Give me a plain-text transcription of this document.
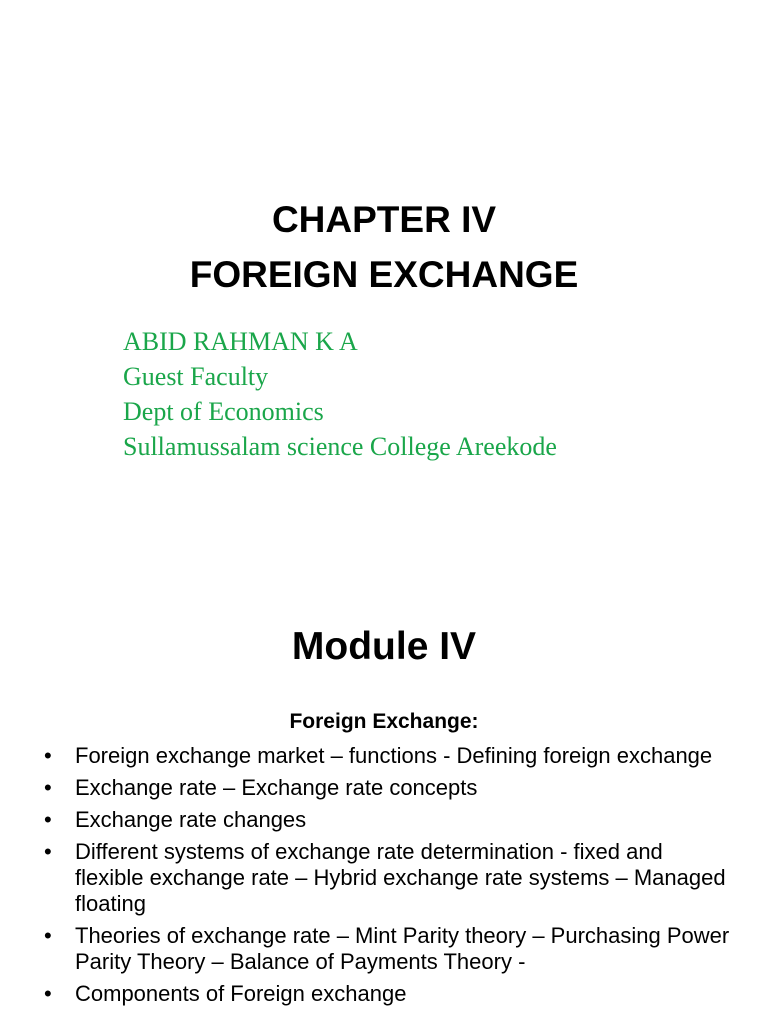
CHAPTER IV
FOREIGN EXCHANGE
ABID RAHMAN K A
Guest Faculty
Dept of Economics
Sullamussalam science College Areekode
Module IV
Foreign Exchange:
•	Foreign exchange market – functions - Defining foreign exchange
•	Exchange rate – Exchange rate concepts
•	Exchange rate changes
•	Different systems of exchange rate determination - fixed and flexible exchange rate – Hybrid exchange rate systems – Managed floating
•	Theories of exchange rate – Mint Parity theory – Purchasing Power Parity Theory – Balance of Payments Theory -
•	Components of Foreign exchange
